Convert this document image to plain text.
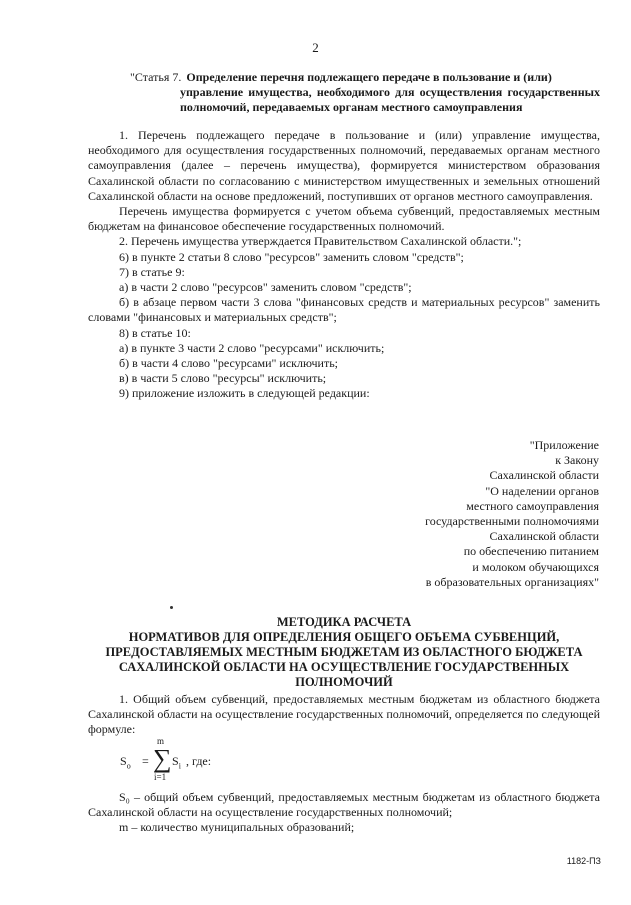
2
"Статья 7. Определение перечня подлежащего передаче в пользование и (или)
управление имущества, необходимого для осуществления государственных полномочий, передаваемых органам местного самоуправления

1. Перечень подлежащего передаче в пользование и (или) управление имущества, необходимого для осуществления государственных полномочий, передаваемых органам местного самоуправления (далее – перечень имущества), формируется министерством образования Сахалинской области по согласованию с министерством имущественных и земельных отношений Сахалинской области на основе предложений, поступивших от органов местного самоуправления.

Перечень имущества формируется с учетом объема субвенций, предоставляемых местным бюджетам на финансовое обеспечение государственных полномочий.

2. Перечень имущества утверждается Правительством Сахалинской области.";

6) в пункте 2 статьи 8 слово "ресурсов" заменить словом "средств";

7) в статье 9:

а) в части 2 слово "ресурсов" заменить словом "средств";

б) в абзаце первом части 3 слова "финансовых средств и материальных ресурсов" заменить словами "финансовых и материальных средств";

8) в статье 10:

а) в пункте 3 части 2 слово "ресурсами" исключить;

б) в части 4 слово "ресурсами" исключить;

в) в части 5 слово "ресурсы" исключить;

9) приложение изложить в следующей редакции:

"Приложение
к Закону
Сахалинской области
"О наделении органов
местного самоуправления
государственными полномочиями
Сахалинской области
по обеспечению питанием
и молоком обучающихся
в образовательных организациях"
МЕТОДИКА РАСЧЕТА
НОРМАТИВОВ ДЛЯ ОПРЕДЕЛЕНИЯ ОБЩЕГО ОБЪЕМА СУБВЕНЦИЙ,
ПРЕДОСТАВЛЯЕМЫХ МЕСТНЫМ БЮДЖЕТАМ ИЗ ОБЛАСТНОГО БЮДЖЕТА
САХАЛИНСКОЙ ОБЛАСТИ НА ОСУЩЕСТВЛЕНИЕ ГОСУДАРСТВЕННЫХ
ПОЛНОМОЧИЙ

1. Общий объем субвенций, предоставляемых местным бюджетам из областного бюджета Сахалинской области на осуществление государственных полномочий, определяется по следующей формуле:

$S_o$ =
m
∑
i=1
$S_i$ , где:

S₀ – общий объем субвенций, предоставляемых местным бюджетам из областного бюджета Сахалинской области на осуществление государственных полномочий;

m – количество муниципальных образований;

1182-ПЗ
